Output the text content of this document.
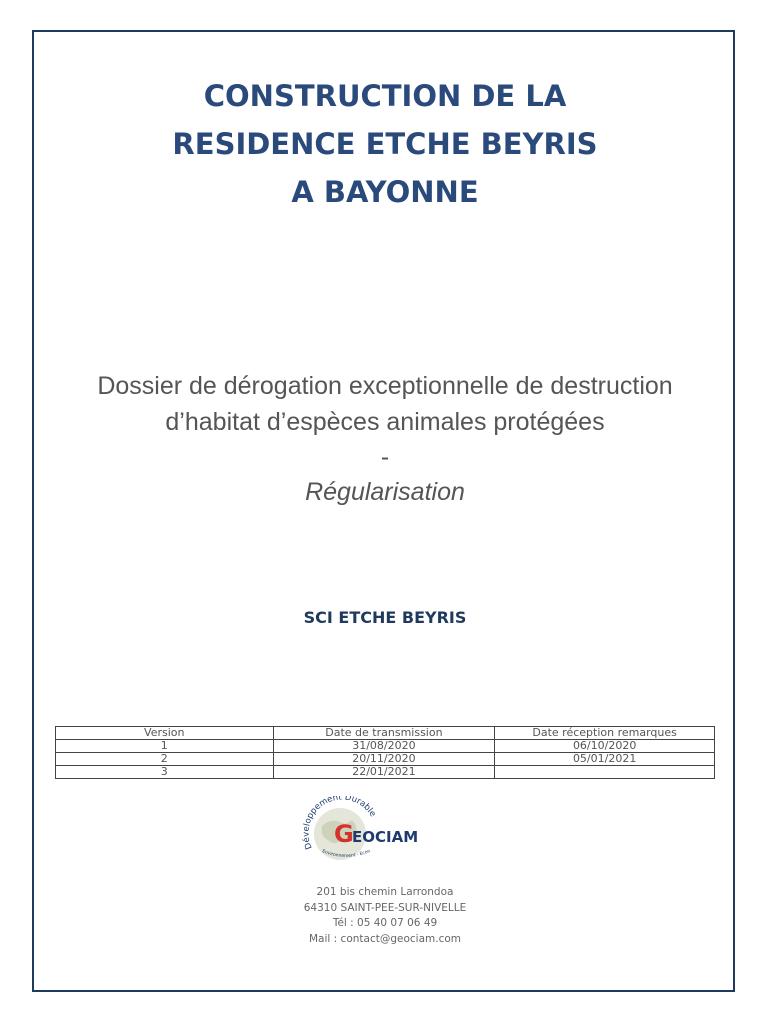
CONSTRUCTION DE LA
RESIDENCE ETCHE BEYRIS
A BAYONNE
Dossier de dérogation exceptionnelle de destruction
d’habitat d’espèces animales protégées
-
Régularisation
SCI ETCHE BEYRIS
Version	Date de transmission	Date réception remarques
1	31/08/2020	06/10/2020
2	20/11/2020	05/01/2021
3	22/01/2021	
Développement Durable
Environnement - Econ
G
EOCIAM
201 bis chemin Larrondoa
64310 SAINT-PEE-SUR-NIVELLE
Tél : 05 40 07 06 49
Mail : contact@geociam.com
